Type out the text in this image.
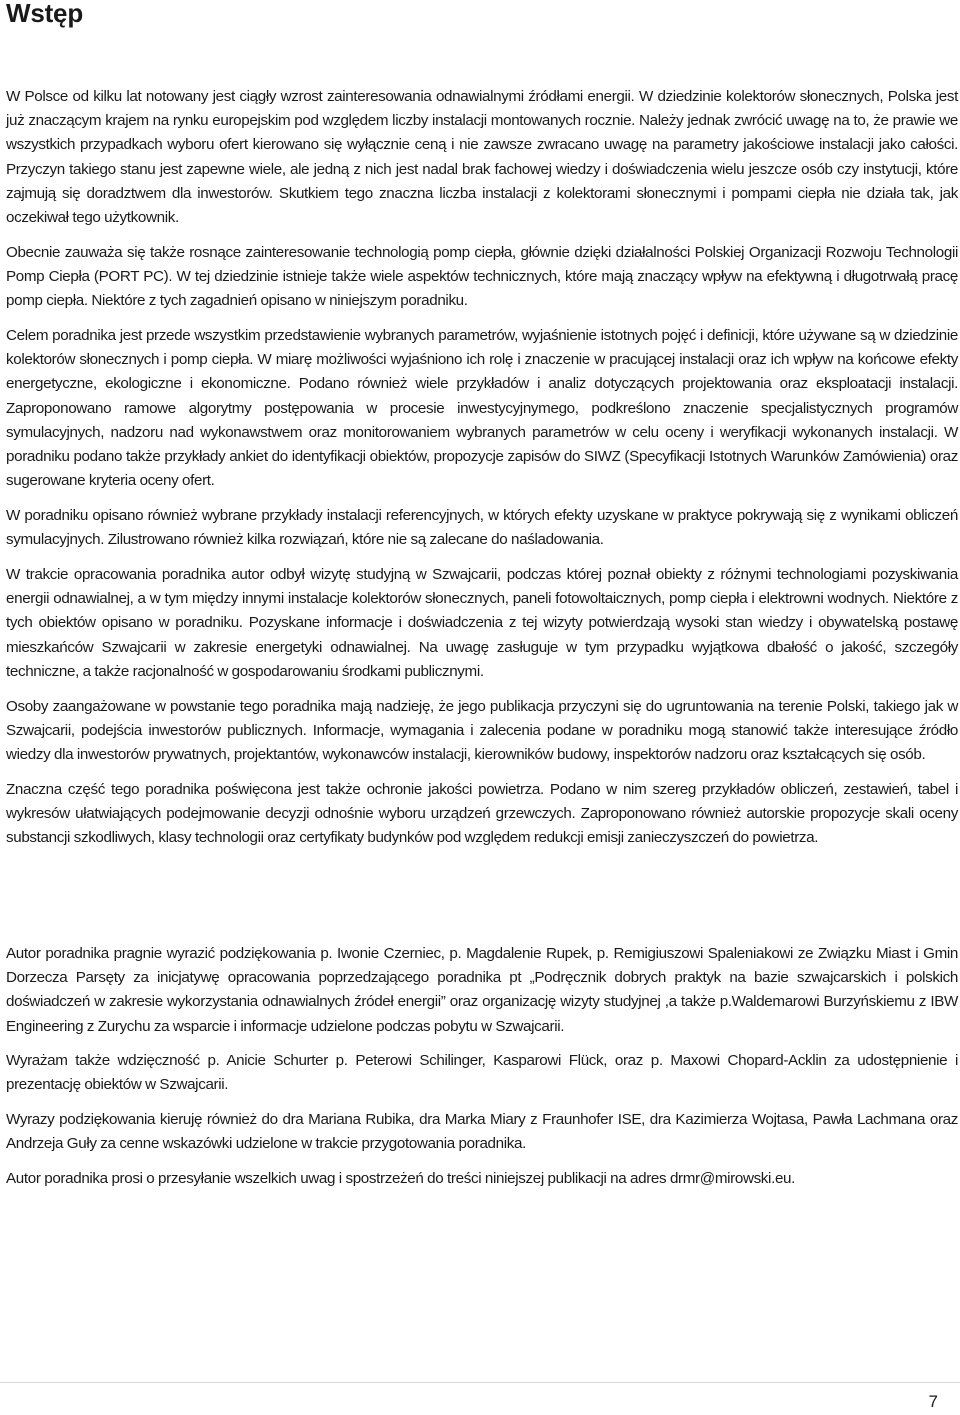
Wstęp

W Polsce od kilku lat notowany jest ciągły wzrost zainteresowania odnawialnymi źródłami energii. W dziedzinie kolektorów słonecznych, Polska jest już znaczącym krajem na rynku europejskim pod względem liczby instalacji montowanych rocznie. Należy jednak zwrócić uwagę na to, że prawie we wszystkich przypadkach wyboru ofert kierowano się wyłącznie ceną i nie zawsze zwracano uwagę na parametry jakościowe instalacji jako całości. Przyczyn takiego stanu jest zapewne wiele, ale jedną z nich jest nadal brak fachowej wiedzy i doświadczenia wielu jeszcze osób czy instytucji, które zajmują się doradztwem dla inwestorów. Skutkiem tego znaczna liczba instalacji z kolektorami słonecznymi i pompami ciepła nie działa tak, jak oczekiwał tego użytkownik.

Obecnie zauważa się także rosnące zainteresowanie technologią pomp ciepła, głównie dzięki działalności Polskiej Organizacji Rozwoju Technologii Pomp Ciepła (PORT PC). W tej dziedzinie istnieje także wiele aspektów technicznych, które mają znaczący wpływ na efektywną i długotrwałą pracę pomp ciepła. Niektóre z tych zagadnień opisano w niniejszym poradniku.

Celem poradnika jest przede wszystkim przedstawienie wybranych parametrów, wyjaśnienie istotnych pojęć i definicji, które używane są w dziedzinie kolektorów słonecznych i pomp ciepła. W miarę możliwości wyjaśniono ich rolę i znaczenie w pracującej instalacji oraz ich wpływ na końcowe efekty energetyczne, ekologiczne i ekonomiczne. Podano również wiele przykładów i analiz dotyczących projektowania oraz eksploatacji instalacji. Zaproponowano ramowe algorytmy postępowania w procesie inwestycyjnymego, podkreślono znaczenie specjalistycznych programów symulacyjnych, nadzoru nad wykonawstwem oraz monitorowaniem wybranych parametrów w celu oceny i weryfikacji wykonanych instalacji. W poradniku podano także przykłady ankiet do identyfikacji obiektów, propozycje zapisów do SIWZ (Specyfikacji Istotnych Warunków Zamówienia) oraz sugerowane kryteria oceny ofert.

W poradniku opisano również wybrane przykłady instalacji referencyjnych, w których efekty uzyskane w praktyce pokrywają się z wynikami obliczeń symulacyjnych. Zilustrowano również kilka rozwiązań, które nie są zalecane do naśladowania.

W trakcie opracowania poradnika autor odbył wizytę studyjną w Szwajcarii, podczas której poznał obiekty z różnymi technologiami pozyskiwania energii odnawialnej, a w tym między innymi instalacje kolektorów słonecznych, paneli fotowoltaicznych, pomp ciepła i elektrowni wodnych. Niektóre z tych obiektów opisano w poradniku. Pozyskane informacje i doświadczenia z tej wizyty potwierdzają wysoki stan wiedzy i obywatelską postawę mieszkańców Szwajcarii w zakresie energetyki odnawialnej. Na uwagę zasługuje w tym przypadku wyjątkowa dbałość o jakość, szczegóły techniczne, a także racjonalność w gospodarowaniu środkami publicznymi.

Osoby zaangażowane w powstanie tego poradnika mają nadzieję, że jego publikacja przyczyni się do ugruntowania na terenie Polski, takiego jak w Szwajcarii, podejścia inwestorów publicznych. Informacje, wymagania i zalecenia podane w poradniku mogą stanowić także interesujące źródło wiedzy dla inwestorów prywatnych, projektantów, wykonawców instalacji, kierowników budowy, inspektorów nadzoru oraz kształcących się osób.

Znaczna część tego poradnika poświęcona jest także ochronie jakości powietrza. Podano w nim szereg przykładów obliczeń, zestawień, tabel i wykresów ułatwiających podejmowanie decyzji odnośnie wyboru urządzeń grzewczych. Zaproponowano również autorskie propozycje skali oceny substancji szkodliwych, klasy technologii oraz certyfikaty budynków pod względem redukcji emisji zanieczyszczeń do powietrza.

Autor poradnika pragnie wyrazić podziękowania p. Iwonie Czerniec, p. Magdalenie Rupek, p. Remigiuszowi Spaleniakowi ze Związku Miast i Gmin Dorzecza Parsęty za inicjatywę opracowania poprzedzającego poradnika pt „Podręcznik dobrych praktyk na bazie szwajcarskich i polskich doświadczeń w zakresie wykorzystania odnawialnych źródeł energii” oraz organizację wizyty studyjnej ,a także p.Waldemarowi Burzyńskiemu z IBW Engineering z Zurychu za wsparcie i informacje udzielone podczas pobytu w Szwajcarii.

Wyrażam także wdzięczność p. Anicie Schurter p. Peterowi Schilinger, Kasparowi Flück, oraz p. Maxowi Chopard-Acklin za udostępnienie i prezentację obiektów w Szwajcarii.

Wyrazy podziękowania kieruję również do dra Mariana Rubika, dra Marka Miary z Fraunhofer ISE, dra Kazimierza Wojtasa, Pawła Lachmana oraz Andrzeja Guły za cenne wskazówki udzielone w trakcie przygotowania poradnika.

Autor poradnika prosi o przesyłanie wszelkich uwag i spostrzeżeń do treści niniejszej publikacji na adres drmr@mirowski.eu.

7
